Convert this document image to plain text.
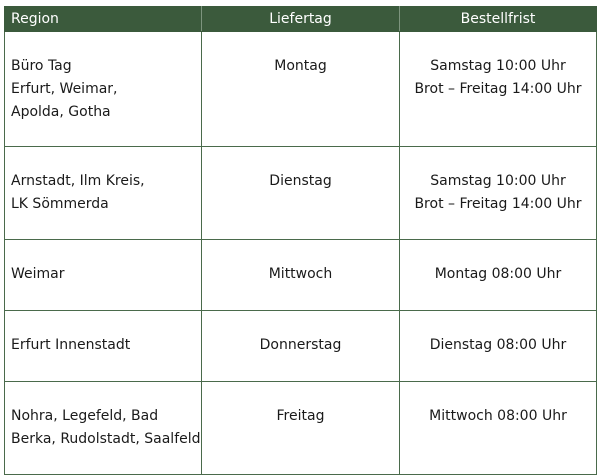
Region	Liefertag	Bestellfrist

Büro Tag
Erfurt, Weimar,
Apolda, Gotha	Montag	Samstag 10:00 Uhr
Brot – Freitag 14:00 Uhr

Arnstadt, Ilm Kreis,
LK Sömmerda	Dienstag	Samstag 10:00 Uhr
Brot – Freitag 14:00 Uhr

Weimar	Mittwoch	Montag 08:00 Uhr

Erfurt Innenstadt	Donnerstag	Dienstag 08:00 Uhr

Nohra, Legefeld, Bad
Berka, Rudolstadt, Saalfeld	Freitag	Mittwoch 08:00 Uhr
